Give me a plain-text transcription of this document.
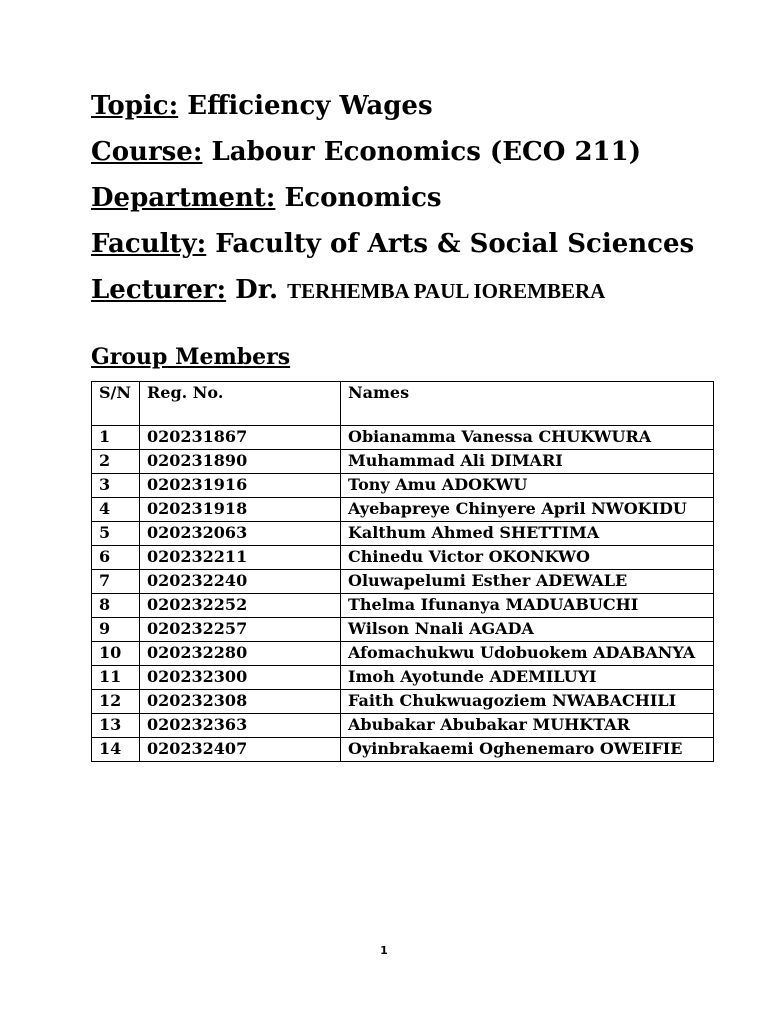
Topic: Efficiency Wages
Course: Labour Economics (ECO 211)
Department: Economics
Faculty: Faculty of Arts & Social Sciences
Lecturer: Dr. TERHEMBA PAUL IOREMBERA
Group Members
S/N	Reg. No.	Names
1	020231867	Obianamma Vanessa CHUKWURA
2	020231890	Muhammad Ali DIMARI
3	020231916	Tony Amu ADOKWU
4	020231918	Ayebapreye Chinyere April NWOKIDU
5	020232063	Kalthum Ahmed SHETTIMA
6	020232211	Chinedu Victor OKONKWO
7	020232240	Oluwapelumi Esther ADEWALE
8	020232252	Thelma Ifunanya MADUABUCHI
9	020232257	Wilson Nnali AGADA
10	020232280	Afomachukwu Udobuokem ADABANYA
11	020232300	Imoh Ayotunde ADEMILUYI
12	020232308	Faith Chukwuagoziem NWABACHILI
13	020232363	Abubakar Abubakar MUHKTAR
14	020232407	Oyinbrakaemi Oghenemaro OWEIFIE
1
